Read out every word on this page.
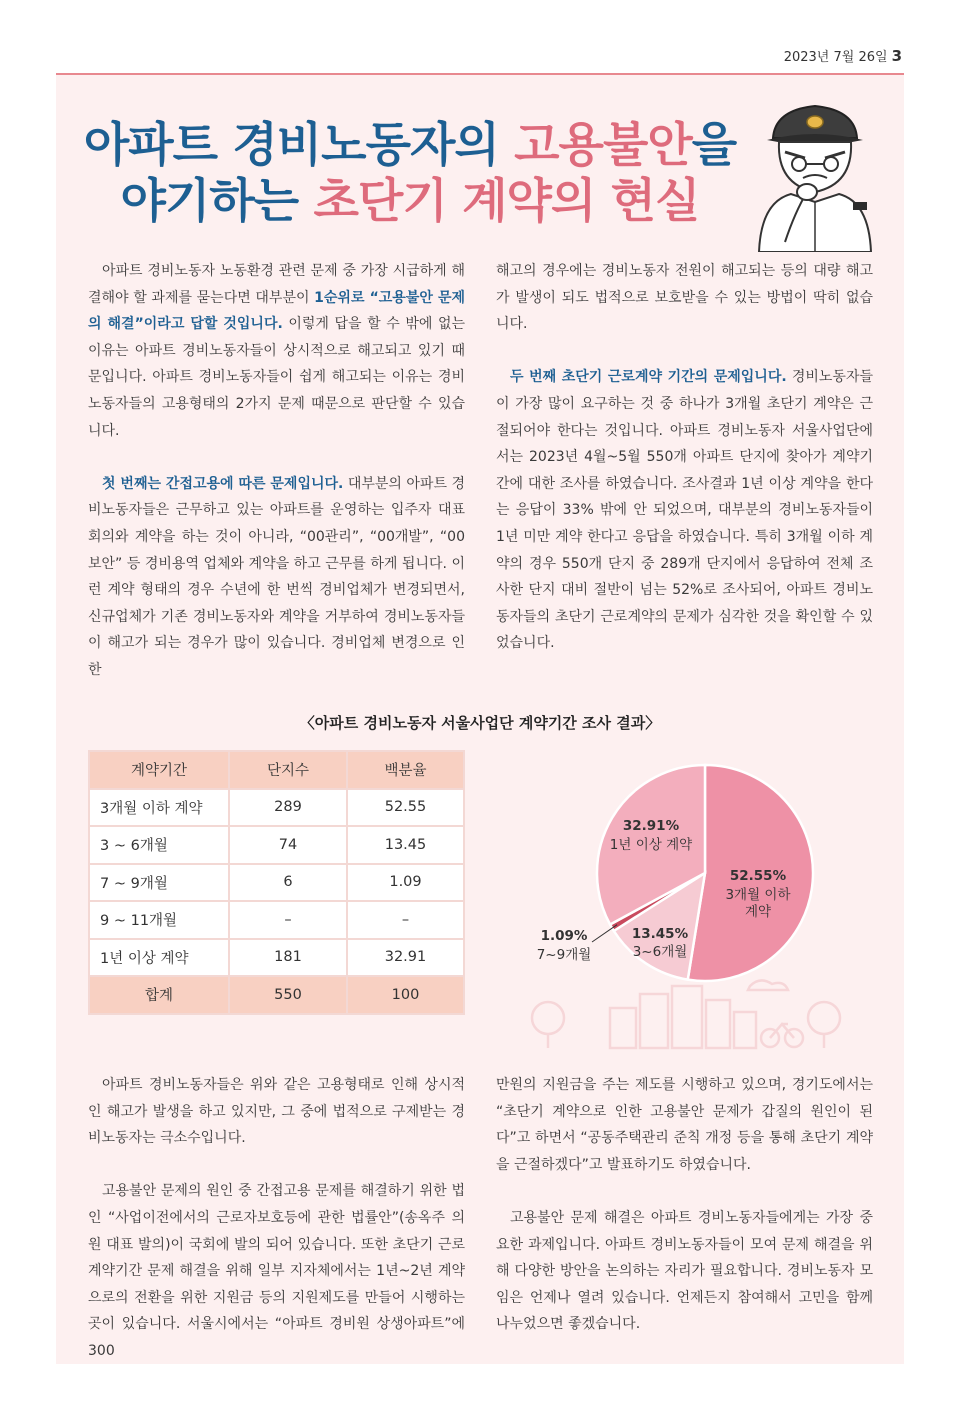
2023년 7월 26일 3
아파트 경비노동자의 고용불안을
야기하는 초단기 계약의 현실

아파트 경비노동자 노동환경 관련 문제 중 가장 시급하게 해결해야 할 과제를 묻는다면 대부분이 1순위로 “고용불안 문제의 해결”이라고 답할 것입니다. 이렇게 답을 할 수 밖에 없는 이유는 아파트 경비노동자들이 상시적으로 해고되고 있기 때문입니다. 아파트 경비노동자들이 쉽게 해고되는 이유는 경비노동자들의 고용형태의 2가지 문제 때문으로 판단할 수 있습니다.

첫 번째는 간접고용에 따른 문제입니다. 대부분의 아파트 경비노동자들은 근무하고 있는 아파트를 운영하는 입주자 대표회의와 계약을 하는 것이 아니라, “00관리”, “00개발”, “00보안” 등 경비용역 업체와 계약을 하고 근무를 하게 됩니다. 이런 계약 형태의 경우 수년에 한 번씩 경비업체가 변경되면서, 신규업체가 기존 경비노동자와 계약을 거부하여 경비노동자들이 해고가 되는 경우가 많이 있습니다. 경비업체 변경으로 인한

해고의 경우에는 경비노동자 전원이 해고되는 등의 대량 해고가 발생이 되도 법적으로 보호받을 수 있는 방법이 딱히 없습니다.

두 번째 초단기 근로계약 기간의 문제입니다. 경비노동자들이 가장 많이 요구하는 것 중 하나가 3개월 초단기 계약은 근절되어야 한다는 것입니다. 아파트 경비노동자 서울사업단에서는 2023년 4월~5월 550개 아파트 단지에 찾아가 계약기간에 대한 조사를 하였습니다. 조사결과 1년 이상 계약을 한다는 응답이 33% 밖에 안 되었으며, 대부분의 경비노동자들이 1년 미만 계약 한다고 응답을 하였습니다. 특히 3개월 이하 계약의 경우 550개 단지 중 289개 단지에서 응답하여 전체 조사한 단지 대비 절반이 넘는 52%로 조사되어, 아파트 경비노동자들의 초단기 근로계약의 문제가 심각한 것을 확인할 수 있었습니다.

〈아파트 경비노동자 서울사업단 계약기간 조사 결과〉
계약기간	단지수	백분율
3개월 이하 계약	289	52.55
3 ~ 6개월	74	13.45
7 ~ 9개월	6	1.09
9 ~ 11개월	–	–
1년 이상 계약	181	32.91
합계	550	100
52.55%
3개월 이하
계약
13.45%
3~6개월
32.91%
1년 이상 계약
1.09%
7~9개월

아파트 경비노동자들은 위와 같은 고용형태로 인해 상시적인 해고가 발생을 하고 있지만, 그 중에 법적으로 구제받는 경비노동자는 극소수입니다.

고용불안 문제의 원인 중 간접고용 문제를 해결하기 위한 법인 “사업이전에서의 근로자보호등에 관한 법률안”(송옥주 의원 대표 발의)이 국회에 발의 되어 있습니다. 또한 초단기 근로계약기간 문제 해결을 위해 일부 지자체에서는 1년~2년 계약으로의 전환을 위한 지원금 등의 지원제도를 만들어 시행하는 곳이 있습니다. 서울시에서는 “아파트 경비원 상생아파트”에 300

만원의 지원금을 주는 제도를 시행하고 있으며, 경기도에서는 “초단기 계약으로 인한 고용불안 문제가 갑질의 원인이 된다”고 하면서 “공동주택관리 준칙 개정 등을 통해 초단기 계약을 근절하겠다”고 발표하기도 하였습니다.

고용불안 문제 해결은 아파트 경비노동자들에게는 가장 중요한 과제입니다. 아파트 경비노동자들이 모여 문제 해결을 위해 다양한 방안을 논의하는 자리가 필요합니다. 경비노동자 모임은 언제나 열려 있습니다. 언제든지 참여해서 고민을 함께 나누었으면 좋겠습니다.
